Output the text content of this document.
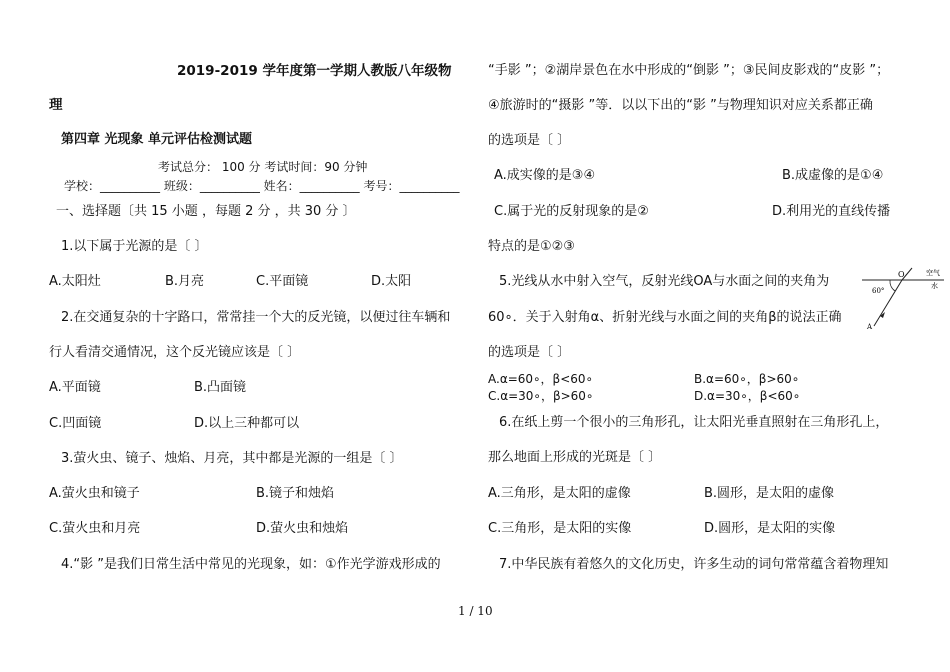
2019-2019 学年度第一学期人教版八年级物
理
第四章 光现象 单元评估检测试题
考试总分： 100 分 考试时间：90 分钟
学校：__________ 班级：__________ 姓名：__________ 考号：__________
一、选择题〔共 15 小题 ，每题 2 分 ，共 30 分 〕
1.以下属于光源的是〔 〕
A.太阳灶	B.月亮	C.平面镜	D.太阳
2.在交通复杂的十字路口，常常挂一个大的反光镜，以便过往车辆和
行人看清交通情况，这个反光镜应该是〔 〕
A.平面镜	B.凸面镜
C.凹面镜	D.以上三种都可以
3.萤火虫、镜子、烛焰、月亮，其中都是光源的一组是〔 〕
A.萤火虫和镜子	B.镜子和烛焰
C.萤火虫和月亮	D.萤火虫和烛焰
4.“影 ”是我们日常生活中常见的光现象，如：①作光学游戏形成的
“手影 ”；②湖岸景色在水中形成的“倒影 ”；③民间皮影戏的“皮影 ”；
④旅游时的“摄影 ”等．以以下出的“影 ”与物理知识对应关系都正确
的选项是〔 〕
A.成实像的是③④	B.成虚像的是①④
C.属于光的反射现象的是②	D.利用光的直线传播
特点的是①②③
5.光线从水中射入空气，反射光线OA与水面之间的夹角为
60∘．关于入射角α、折射光线与水面之间的夹角β的说法正确
的选项是〔 〕
A.α=60∘，β<60∘	B.α=60∘，β>60∘
C.α=30∘，β>60∘	D.α=30∘，β<60∘
O	空气
水
60°
A
6.在纸上剪一个很小的三角形孔，让太阳光垂直照射在三角形孔上，
那么地面上形成的光斑是〔 〕
A.三角形，是太阳的虚像	B.圆形，是太阳的虚像
C.三角形，是太阳的实像	D.圆形，是太阳的实像
7.中华民族有着悠久的文化历史，许多生动的词句常常蕴含着物理知
1 / 10
